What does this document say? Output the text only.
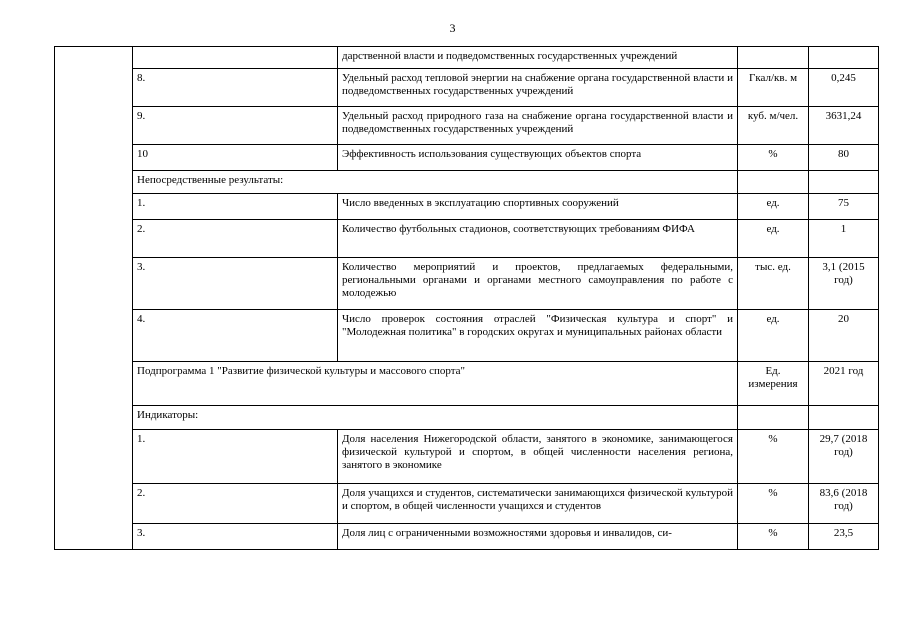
3
		дарственной власти и подведомственных государственных учреждений		
	8.	Удельный расход тепловой энергии на снабжение органа государственной власти и подведомственных государственных учреждений	Гкал/кв. м	0,245
	9.	Удельный расход природного газа на снабжение органа государственной власти и подведомственных государственных учреждений	куб. м/чел.	3631,24
	10	Эффективность использования существующих объектов спорта	%	80
	Непосредственные результаты:			
	1.	Число введенных в эксплуатацию спортивных сооружений	ед.	75
	2.	Количество футбольных стадионов, соответствующих требованиям ФИФА	ед.	1
	3.	Количество мероприятий и проектов, предлагаемых федеральными, региональными органами и органами местного самоуправления по работе с молодежью	тыс. ед.	3,1 (2015 год)
	4.	Число проверок состояния отраслей "Физическая культура и спорт" и "Молодежная политика" в городских округах и муниципальных районах области	ед.	20
	Подпрограмма 1 "Развитие физической культуры и массового спорта"		Ед. измерения	2021 год
	Индикаторы:			
	1.	Доля населения Нижегородской области, занятого в экономике, занимающегося физической культурой и спортом, в общей численности населения региона, занятого в экономике	%	29,7 (2018 год)
	2.	Доля учащихся и студентов, систематически занимающихся физической культурой и спортом, в общей численности учащихся и студентов	%	83,6 (2018 год)
	3.	Доля лиц с ограниченными возможностями здоровья и инвалидов, си-	%	23,5
